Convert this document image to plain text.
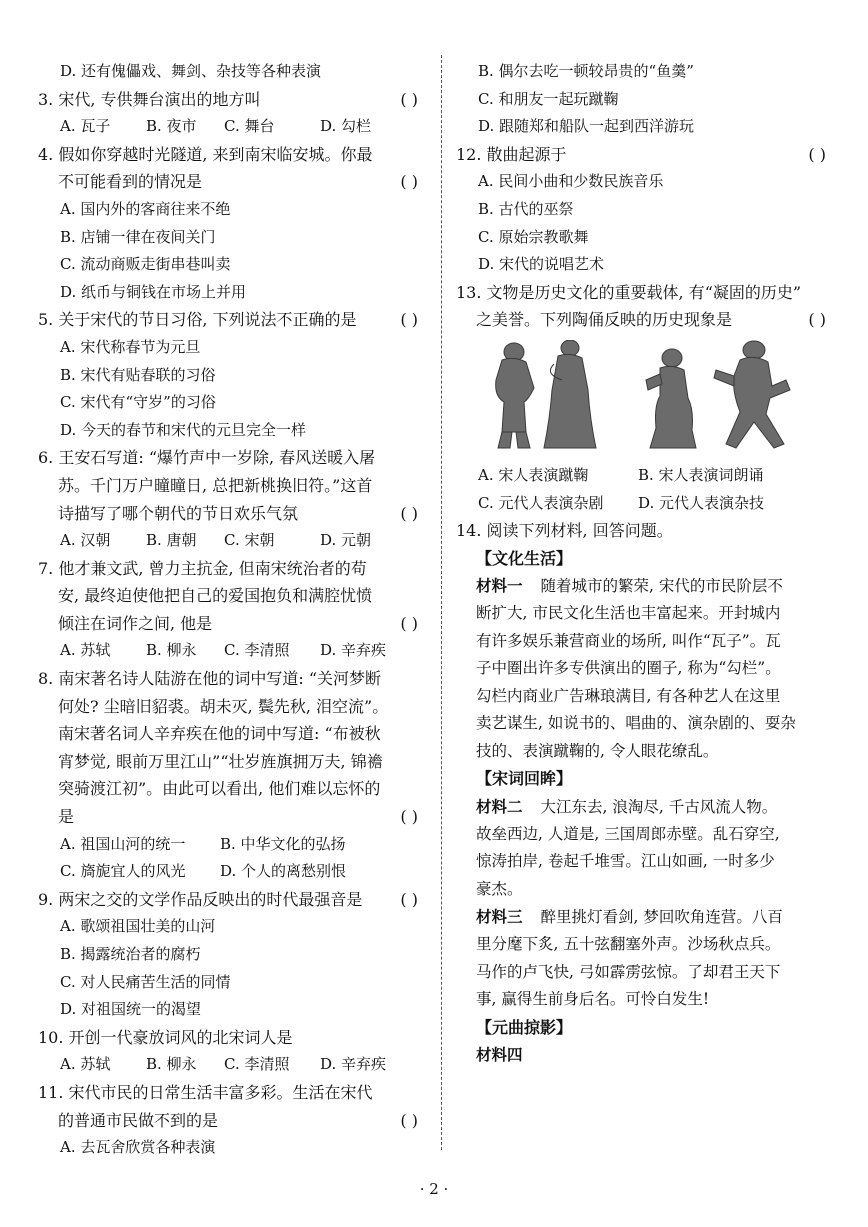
D. 还有傀儡戏、舞剑、杂技等各种表演
3. 宋代, 专供舞台演出的地方叫	( )
A. 瓦子 B. 夜市 C. 舞台	D. 勾栏
4. 假如你穿越时光隧道, 来到南宋临安城。你最
不可能看到的情况是	( )
A. 国内外的客商往来不绝
B. 店铺一律在夜间关门
C. 流动商贩走街串巷叫卖
D. 纸币与铜钱在市场上并用
5. 关于宋代的节日习俗, 下列说法不正确的是	( )
A. 宋代称春节为元旦
B. 宋代有贴春联的习俗
C. 宋代有“守岁”的习俗
D. 今天的春节和宋代的元旦完全一样
6. 王安石写道: “爆竹声中一岁除, 春风送暖入屠
苏。千门万户曈曈日, 总把新桃换旧符。”这首
诗描写了哪个朝代的节日欢乐气氛	( )
A. 汉朝 B. 唐朝 C. 宋朝	D. 元朝
7. 他才兼文武, 曾力主抗金, 但南宋统治者的苟
安, 最终迫使他把自己的爱国抱负和满腔忧愤
倾注在词作之间, 他是	( )
A. 苏轼 B. 柳永 C. 李清照 D. 辛弃疾
8. 南宋著名诗人陆游在他的词中写道: “关河梦断
何处? 尘暗旧貂裘。胡未灭, 鬓先秋, 泪空流”。
南宋著名词人辛弃疾在他的词中写道: “布被秋
宵梦觉, 眼前万里江山”“壮岁旌旗拥万夫, 锦襜
突骑渡江初”。由此可以看出, 他们难以忘怀的
是	( )
A. 祖国山河的统一 B. 中华文化的弘扬
C. 旖旎宜人的风光 D. 个人的离愁别恨
9. 两宋之交的文学作品反映出的时代最强音是 ( )
A. 歌颂祖国壮美的山河
B. 揭露统治者的腐朽
C. 对人民痛苦生活的同情
D. 对祖国统一的渴望
10. 开创一代豪放词风的北宋词人是
A. 苏轼 B. 柳永 C. 李清照 D. 辛弃疾
11. 宋代市民的日常生活丰富多彩。生活在宋代
的普通市民做不到的是	( )
A. 去瓦舍欣赏各种表演
B. 偶尔去吃一顿较昂贵的“鱼羹”
C. 和朋友一起玩蹴鞠
D. 跟随郑和船队一起到西洋游玩
12. 散曲起源于	( )
A. 民间小曲和少数民族音乐
B. 古代的巫祭
C. 原始宗教歌舞
D. 宋代的说唱艺术
13. 文物是历史文化的重要载体, 有“凝固的历史”
之美誉。下列陶俑反映的历史现象是	( )
A. 宋人表演蹴鞠	B. 宋人表演词朗诵
C. 元代人表演杂剧 D. 元代人表演杂技
14. 阅读下列材料, 回答问题。
【文化生活】
材料一 随着城市的繁荣, 宋代的市民阶层不
断扩大, 市民文化生活也丰富起来。开封城内
有许多娱乐兼营商业的场所, 叫作“瓦子”。瓦
子中圈出许多专供演出的圈子, 称为“勾栏”。
勾栏内商业广告琳琅满目, 有各种艺人在这里
卖艺谋生, 如说书的、唱曲的、演杂剧的、耍杂
技的、表演蹴鞠的, 令人眼花缭乱。
【宋词回眸】
材料二 大江东去, 浪淘尽, 千古风流人物。
故垒西边, 人道是, 三国周郎赤壁。乱石穿空,
惊涛拍岸, 卷起千堆雪。江山如画, 一时多少
豪杰。
材料三 醉里挑灯看剑, 梦回吹角连营。八百
里分麾下炙, 五十弦翻塞外声。沙场秋点兵。
马作的卢飞快, 弓如霹雳弦惊。了却君王天下
事, 赢得生前身后名。可怜白发生!
【元曲掠影】
材料四
· 2 ·
